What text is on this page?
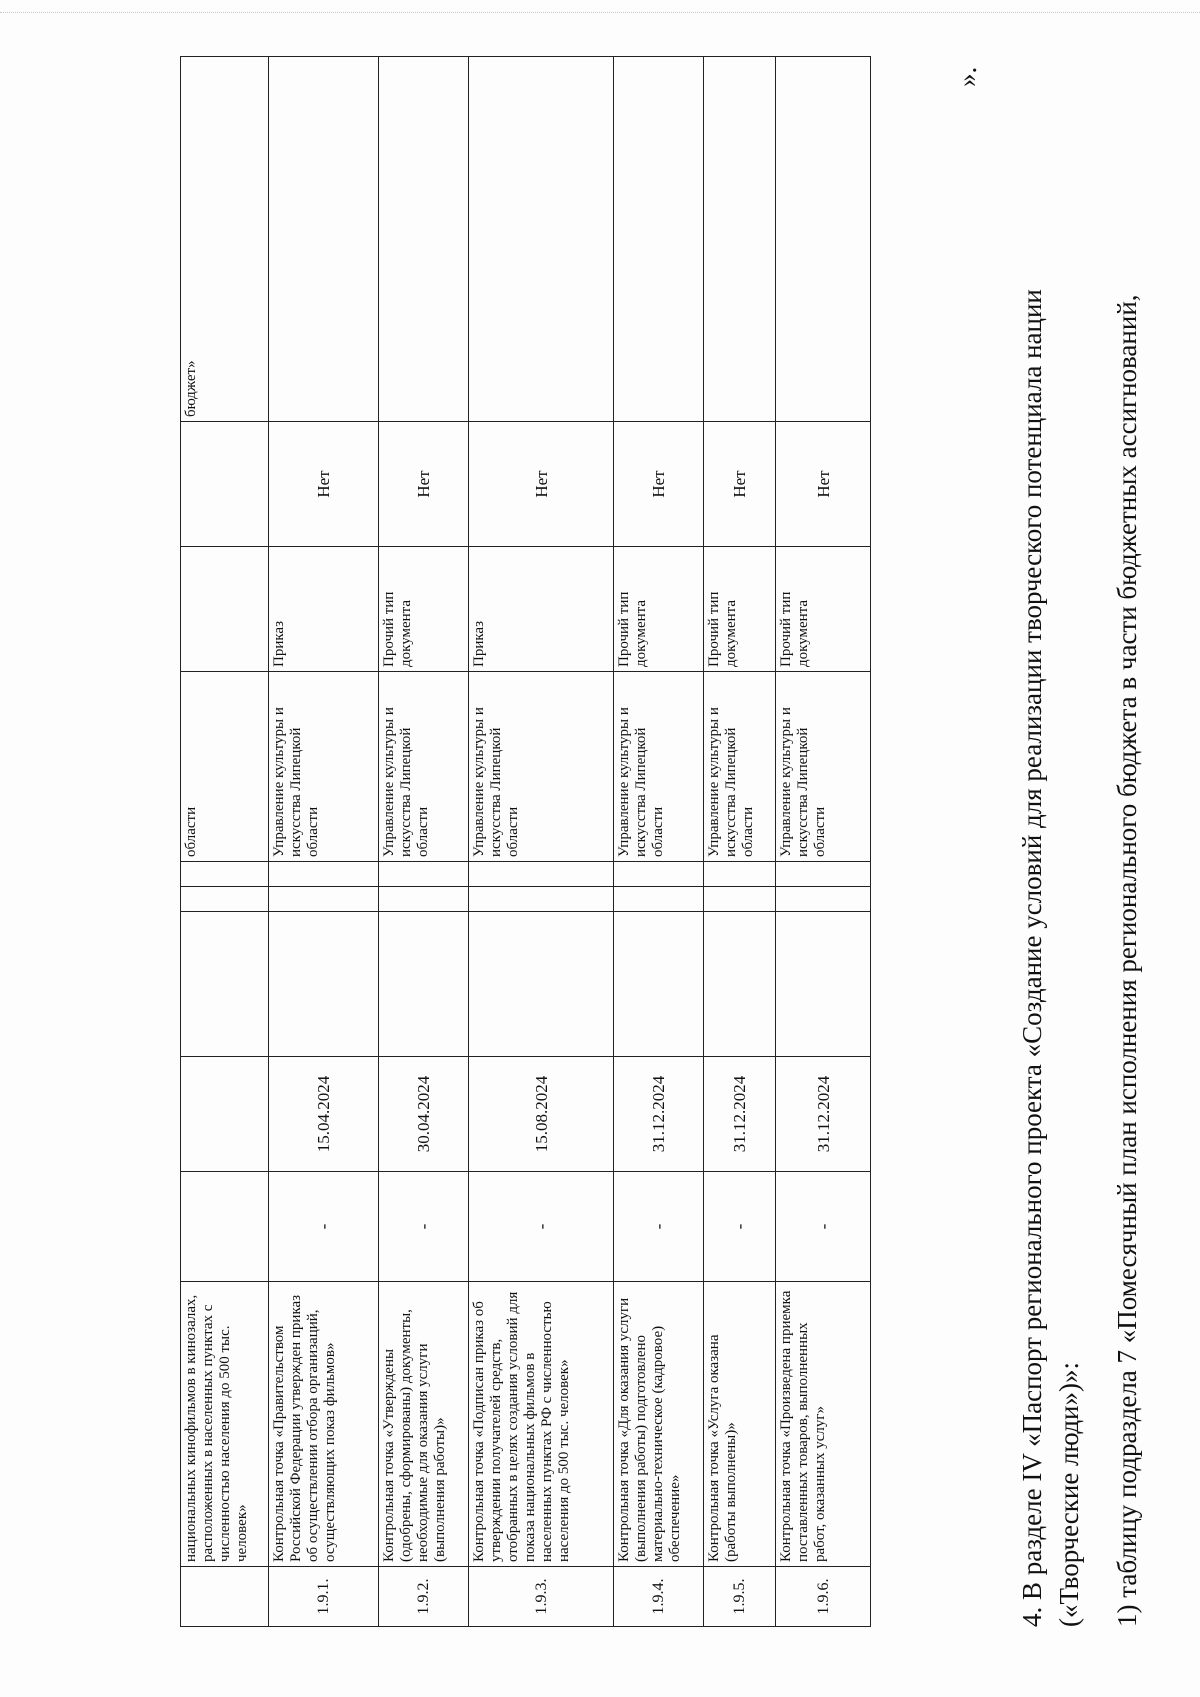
	национальных кинофильмов в кинозалах, расположенных в населенных пунктах с численностью населения до 500 тыс. человек»						области			бюджет»
1.9.1.	Контрольная точка «Правительством Российской Федерации утвержден приказ об осуществлении отбора организаций, осуществляющих показ фильмов»	-	15.04.2024				Управление культуры и искусства Липецкой области	Приказ	Нет	
1.9.2.	Контрольная точка «Утверждены (одобрены, сформированы) документы, необходимые для оказания услуги (выполнения работы)»	-	30.04.2024				Управление культуры и искусства Липецкой области	Прочий тип документа	Нет	
1.9.3.	Контрольная точка «Подписан приказ об утверждении получателей средств, отобранных в целях создания условий для показа национальных фильмов в населенных пунктах РФ с численностью населения до 500 тыс. человек»	-	15.08.2024				Управление культуры и искусства Липецкой области	Приказ	Нет	
1.9.4.	Контрольная точка «Для оказания услуги (выполнения работы) подготовлено материально-техническое (кадровое) обеспечение»	-	31.12.2024				Управление культуры и искусства Липецкой области	Прочий тип документа	Нет	
1.9.5.	Контрольная точка «Услуга оказана (работы выполнены)»	-	31.12.2024				Управление культуры и искусства Липецкой области	Прочий тип документа	Нет	
1.9.6.	Контрольная точка «Произведена приемка поставленных товаров, выполненных работ, оказанных услуг»	-	31.12.2024				Управление культуры и искусства Липецкой области	Прочий тип документа	Нет	
».
4. В разделе IV «Паспорт регионального проекта «Создание условий для реализации творческого потенциала нации («Творческие люди»)»: 1) таблицу подраздела 7 «Помесячный план исполнения регионального бюджета в части бюджетных ассигнований,
